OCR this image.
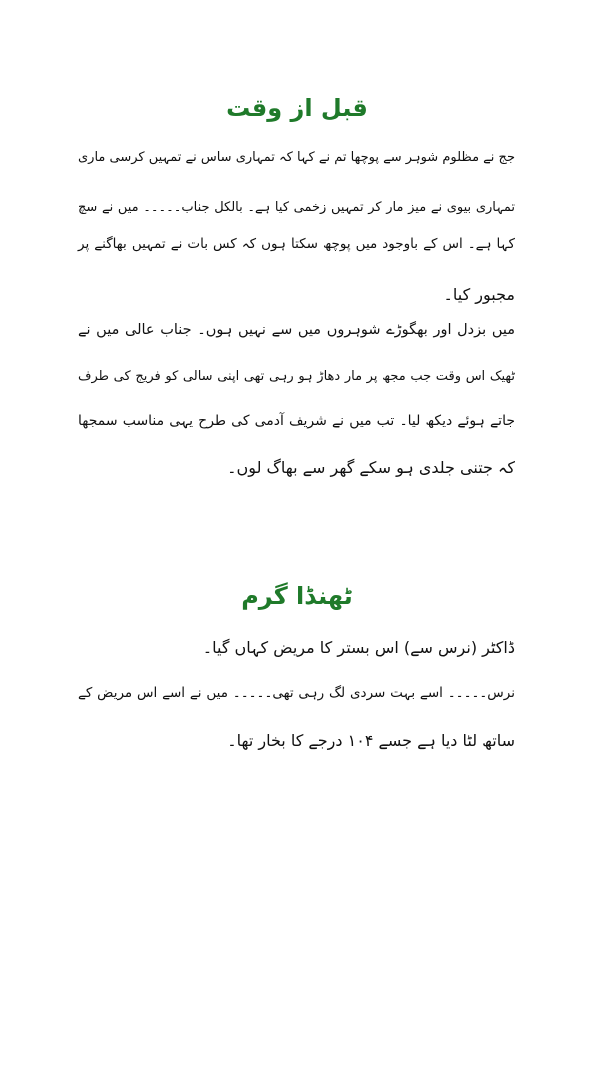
قبل از وقت

جج نے مظلوم شوہر سے پوچھا تم نے کہا کہ تمہاری ساس نے تمہیں کرسی ماری

تمہاری بیوی نے میز مار کر تمہیں زخمی کیا ہے۔ بالکل جناب۔۔۔۔۔ میں نے سچ

کہا ہے۔ اس کے باوجود میں پوچھ سکتا ہوں کہ کس بات نے تمہیں بھاگنے پر

مجبور کیا۔

میں بزدل اور بھگوڑے شوہروں میں سے نہیں ہوں۔ جناب عالی میں نے

ٹھیک اس وقت جب مجھ پر مار دھاڑ ہو رہی تھی اپنی سالی کو فریج کی طرف

جاتے ہوئے دیکھ لیا۔ تب میں نے شریف آدمی کی طرح یہی مناسب سمجھا

کہ جتنی جلدی ہو سکے گھر سے بھاگ لوں۔

ٹھنڈا گرم

ڈاکٹر (نرس سے) اس بستر کا مریض کہاں گیا۔

نرس۔۔۔۔۔ اسے بہت سردی لگ رہی تھی۔۔۔۔۔ میں نے اسے اس مریض کے

ساتھ لٹا دیا ہے جسے ۱۰۴ درجے کا بخار تھا۔
